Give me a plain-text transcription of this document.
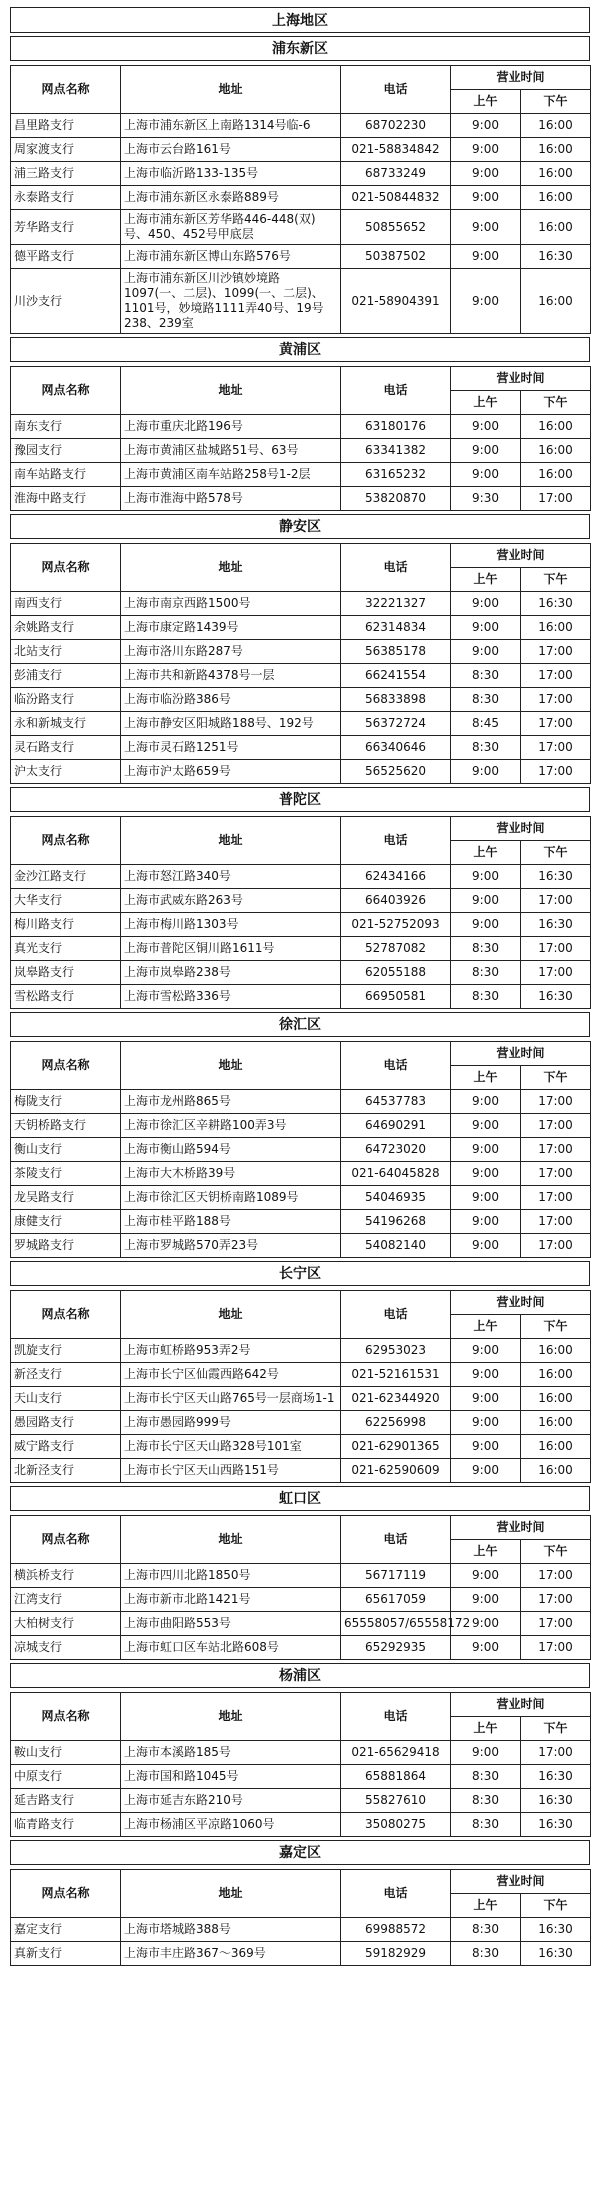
上海地区
浦东新区
网点名称	地址	电话	营业时间	
			上午	下午
昌里路支行	上海市浦东新区上南路1314号临-6	68702230	9:00	16:00
周家渡支行	上海市云台路161号	021-58834842	9:00	16:00
浦三路支行	上海市临沂路133-135号	68733249	9:00	16:00
永泰路支行	上海市浦东新区永泰路889号	021-50844832	9:00	16:00
芳华路支行	上海市浦东新区芳华路446-448(双)号、450、452号甲底层	50855652	9:00	16:00
德平路支行	上海市浦东新区博山东路576号	50387502	9:00	16:30
川沙支行	上海市浦东新区川沙镇妙境路1097(一、二层)、1099(一、二层)、1101号，妙境路1111弄40号、19号238、239室	021-58904391	9:00	16:00
黄浦区
网点名称	地址	电话	营业时间	
			上午	下午
南东支行	上海市重庆北路196号	63180176	9:00	16:00
豫园支行	上海市黄浦区盐城路51号、63号	63341382	9:00	16:00
南车站路支行	上海市黄浦区南车站路258号1-2层	63165232	9:00	16:00
淮海中路支行	上海市淮海中路578号	53820870	9:30	17:00
静安区
网点名称	地址	电话	营业时间	
			上午	下午
南西支行	上海市南京西路1500号	32221327	9:00	16:30
余姚路支行	上海市康定路1439号	62314834	9:00	16:00
北站支行	上海市洛川东路287号	56385178	9:00	17:00
彭浦支行	上海市共和新路4378号一层	66241554	8:30	17:00
临汾路支行	上海市临汾路386号	56833898	8:30	17:00
永和新城支行	上海市静安区阳城路188号、192号	56372724	8:45	17:00
灵石路支行	上海市灵石路1251号	66340646	8:30	17:00
沪太支行	上海市沪太路659号	56525620	9:00	17:00
普陀区
网点名称	地址	电话	营业时间	
			上午	下午
金沙江路支行	上海市怒江路340号	62434166	9:00	16:30
大华支行	上海市武威东路263号	66403926	9:00	17:00
梅川路支行	上海市梅川路1303号	021-52752093	9:00	16:30
真光支行	上海市普陀区铜川路1611号	52787082	8:30	17:00
岚皋路支行	上海市岚皋路238号	62055188	8:30	17:00
雪松路支行	上海市雪松路336号	66950581	8:30	16:30
徐汇区
网点名称	地址	电话	营业时间	
			上午	下午
梅陇支行	上海市龙州路865号	64537783	9:00	17:00
天钥桥路支行	上海市徐汇区辛耕路100弄3号	64690291	9:00	17:00
衡山支行	上海市衡山路594号	64723020	9:00	17:00
茶陵支行	上海市大木桥路39号	021-64045828	9:00	17:00
龙吴路支行	上海市徐汇区天钥桥南路1089号	54046935	9:00	17:00
康健支行	上海市桂平路188号	54196268	9:00	17:00
罗城路支行	上海市罗城路570弄23号	54082140	9:00	17:00
长宁区
网点名称	地址	电话	营业时间	
			上午	下午
凯旋支行	上海市虹桥路953弄2号	62953023	9:00	16:00
新泾支行	上海市长宁区仙霞西路642号	021-52161531	9:00	16:00
天山支行	上海市长宁区天山路765号一层商场1-1	021-62344920	9:00	16:00
愚园路支行	上海市愚园路999号	62256998	9:00	16:00
威宁路支行	上海市长宁区天山路328号101室	021-62901365	9:00	16:00
北新泾支行	上海市长宁区天山西路151号	021-62590609	9:00	16:00
虹口区
网点名称	地址	电话	营业时间	
			上午	下午
横浜桥支行	上海市四川北路1850号	56717119	9:00	17:00
江湾支行	上海市新市北路1421号	65617059	9:00	17:00
大柏树支行	上海市曲阳路553号	65558057/65558172	9:00	17:00
凉城支行	上海市虹口区车站北路608号	65292935	9:00	17:00
杨浦区
网点名称	地址	电话	营业时间	
			上午	下午
鞍山支行	上海市本溪路185号	021-65629418	9:00	17:00
中原支行	上海市国和路1045号	65881864	8:30	16:30
延吉路支行	上海市延吉东路210号	55827610	8:30	16:30
临青路支行	上海市杨浦区平凉路1060号	35080275	8:30	16:30
嘉定区
网点名称	地址	电话	营业时间	
			上午	下午
嘉定支行	上海市塔城路388号	69988572	8:30	16:30
真新支行	上海市丰庄路367～369号	59182929	8:30	16:30
